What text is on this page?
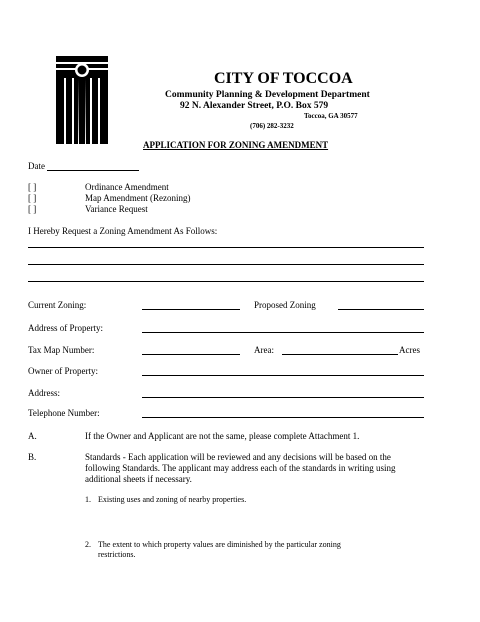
CITY OF TOCCOA
Community Planning & Development Department
92 N. Alexander Street, P.O. Box 579
Toccoa, GA 30577
(706) 282-3232
APPLICATION FOR ZONING AMENDMENT
Date
[ ]	Ordinance Amendment
[ ]	Map Amendment (Rezoning)
[ ]	Variance Request
I Hereby Request a Zoning Amendment As Follows:
Current Zoning:	Proposed Zoning
Address of Property:
Tax Map Number:	Area:	Acres
Owner of Property:
Address:
Telephone Number:
A.	If the Owner and Applicant are not the same, please complete Attachment 1.
B.	Standards - Each application will be reviewed and any decisions will be based on the
following Standards. The applicant may address each of the standards in writing using
additional sheets if necessary.
1. Existing uses and zoning of nearby properties.
2. The extent to which property values are diminished by the particular zoning
restrictions.
